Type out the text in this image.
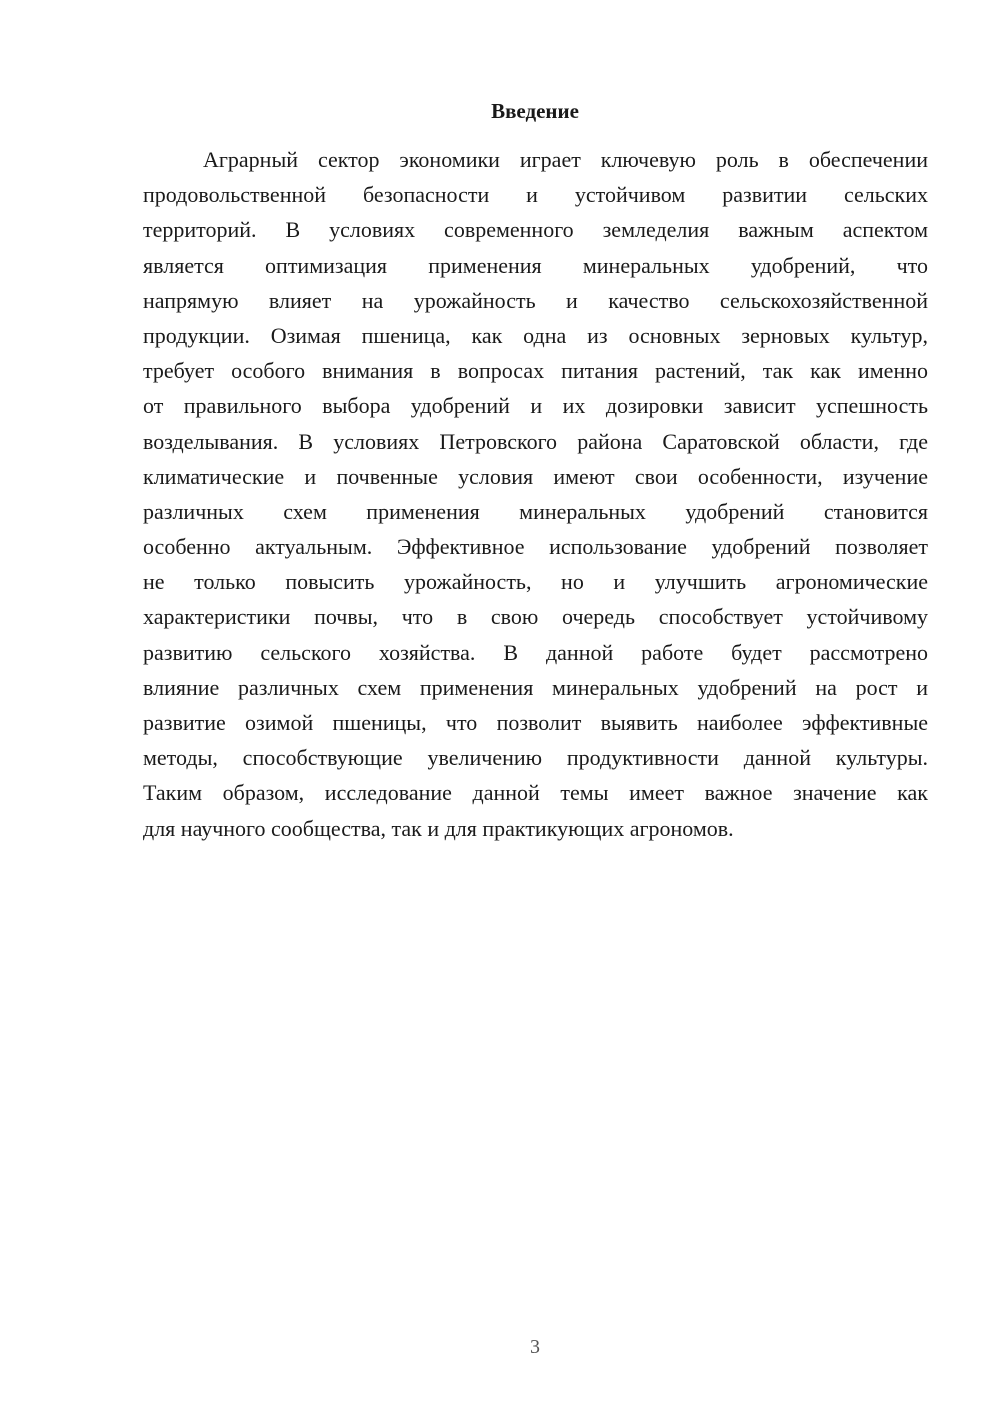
Введение
Аграрный сектор экономики играет ключевую роль в обеспечении
продовольственной безопасности и устойчивом развитии сельских
территорий. В условиях современного земледелия важным аспектом
является оптимизация применения минеральных удобрений, что
напрямую влияет на урожайность и качество сельскохозяйственной
продукции. Озимая пшеница, как одна из основных зерновых культур,
требует особого внимания в вопросах питания растений, так как именно
от правильного выбора удобрений и их дозировки зависит успешность
возделывания. В условиях Петровского района Саратовской области, где
климатические и почвенные условия имеют свои особенности, изучение
различных схем применения минеральных удобрений становится
особенно актуальным. Эффективное использование удобрений позволяет
не только повысить урожайность, но и улучшить агрономические
характеристики почвы, что в свою очередь способствует устойчивому
развитию сельского хозяйства. В данной работе будет рассмотрено
влияние различных схем применения минеральных удобрений на рост и
развитие озимой пшеницы, что позволит выявить наиболее эффективные
методы, способствующие увеличению продуктивности данной культуры.
Таким образом, исследование данной темы имеет важное значение как
для научного сообщества, так и для практикующих агрономов.
3
